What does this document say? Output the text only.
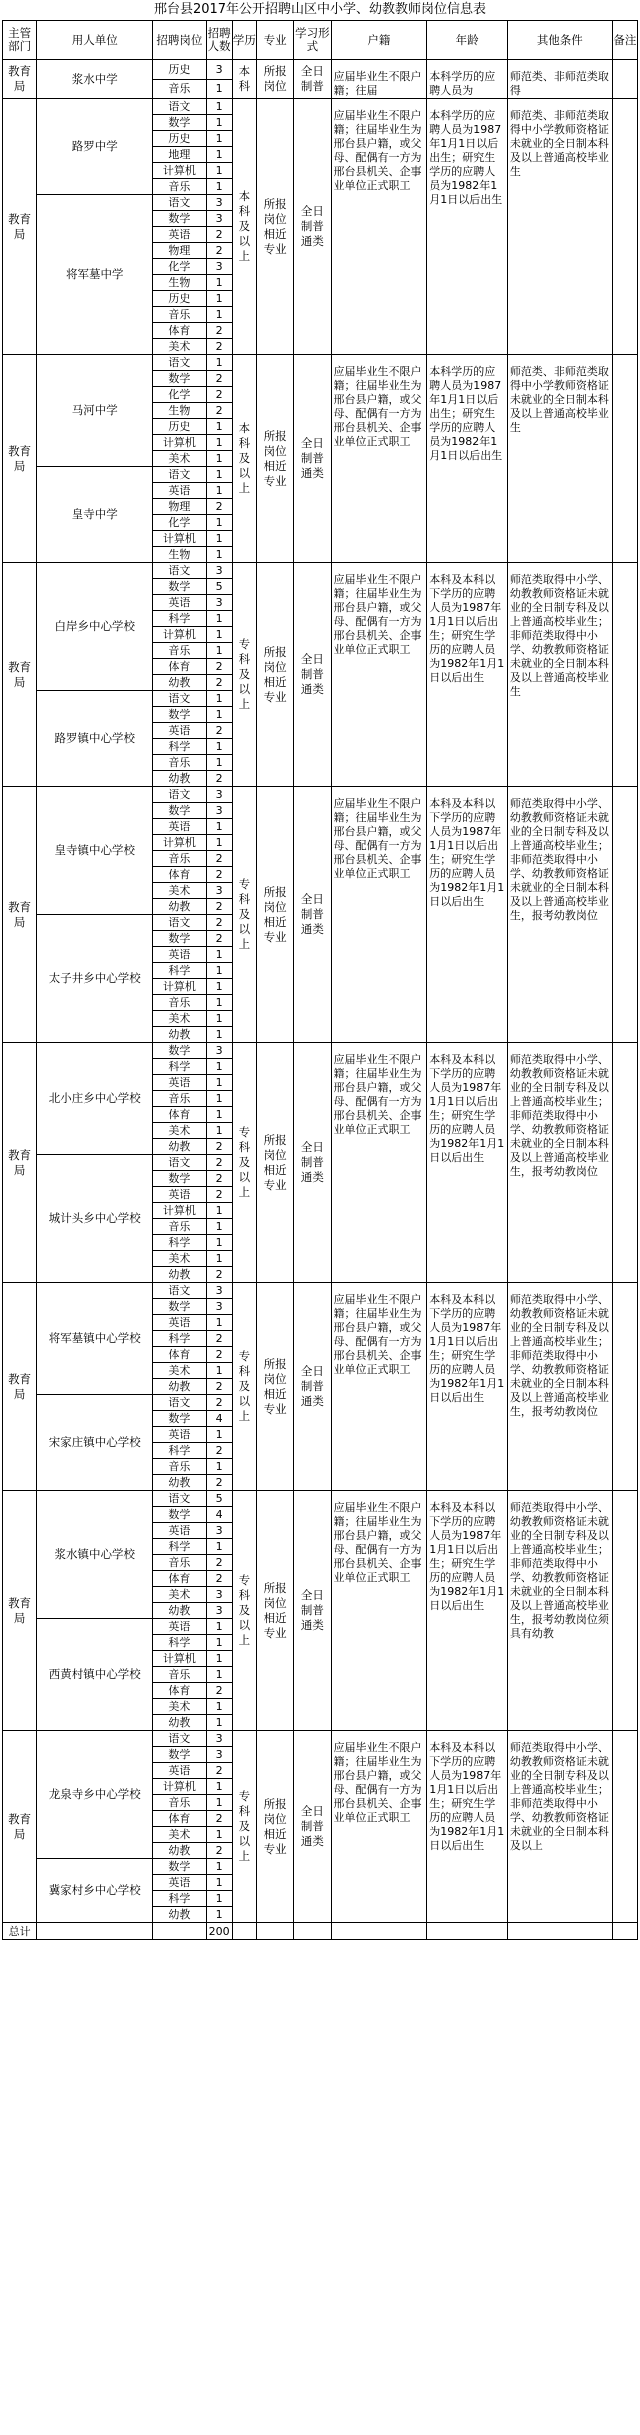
邢台县2017年公开招聘山区中小学、幼教教师岗位信息表
主管部门	用人单位	招聘岗位	招聘人数	学历	专业	学习形式	户籍	年龄	其他条件	备注
教育局	浆水中学	历史	3	本科	所报岗位	全日制普	应届毕业生不限户籍；往届	本科学历的应聘人员为	师范类、非师范类取得	

		音乐	1							
教育局	路罗中学	语文	1	本科及以上	所报岗位相近专业	全日制普通类	应届毕业生不限户籍；往届毕业生为邢台县户籍，或父母、配偶有一方为邢台县机关、企事业单位正式职工	本科学历的应聘人员为1987年1月1日以后出生；研究生学历的应聘人员为1982年1月1日以后出生	师范类、非师范类取得中小学教师资格证未就业的全日制本科及以上普通高校毕业生	

		数学	1							
		历史	1							
		地理	1							
		计算机	1							
		音乐	1							
	将军墓中学	语文	3							
		数学	3							
		英语	2							
		物理	2							
		化学	3							
		生物	1							
		历史	1							
		音乐	1							
		体育	2							
		美术	2							
教育局	马河中学	语文	1	本科及以上	所报岗位相近专业	全日制普通类	应届毕业生不限户籍；往届毕业生为邢台县户籍，或父母、配偶有一方为邢台县机关、企事业单位正式职工	本科学历的应聘人员为1987年1月1日以后出生；研究生学历的应聘人员为1982年1月1日以后出生	师范类、非师范类取得中小学教师资格证未就业的全日制本科及以上普通高校毕业生	

		数学	2							
		化学	2							
		生物	2							
		历史	1							
		计算机	1							
		美术	1							
	皇寺中学	语文	1							
		英语	1							
		物理	2							
		化学	1							
		计算机	1							
		生物	1							
教育局	白岸乡中心学校	语文	3	专科及以上	所报岗位相近专业	全日制普通类	应届毕业生不限户籍；往届毕业生为邢台县户籍，或父母、配偶有一方为邢台县机关、企事业单位正式职工	本科及本科以下学历的应聘人员为1987年1月1日以后出生；研究生学历的应聘人员为1982年1月1日以后出生	师范类取得中小学、幼教教师资格证未就业的全日制专科及以上普通高校毕业生；非师范类取得中小学、幼教教师资格证未就业的全日制本科及以上普通高校毕业生	

		数学	5							
		英语	3							
		科学	1							
		计算机	1							
		音乐	1							
		体育	2							
		幼教	2							
	路罗镇中心学校	语文	1							
		数学	1							
		英语	2							
		科学	1							
		音乐	1							
		幼教	2							
教育局	皇寺镇中心学校	语文	3	专科及以上	所报岗位相近专业	全日制普通类	应届毕业生不限户籍；往届毕业生为邢台县户籍，或父母、配偶有一方为邢台县机关、企事业单位正式职工	本科及本科以下学历的应聘人员为1987年1月1日以后出生；研究生学历的应聘人员为1982年1月1日以后出生	师范类取得中小学、幼教教师资格证未就业的全日制专科及以上普通高校毕业生；非师范类取得中小学、幼教教师资格证未就业的全日制本科及以上普通高校毕业生，报考幼教岗位	

		数学	3							
		英语	1							
		计算机	1							
		音乐	2							
		体育	2							
		美术	3							
		幼教	2							
	太子井乡中心学校	语文	2							
		数学	2							
		英语	1							
		科学	1							
		计算机	1							
		音乐	1							
		美术	1							
		幼教	1							
教育局	北小庄乡中心学校	数学	3	专科及以上	所报岗位相近专业	全日制普通类	应届毕业生不限户籍；往届毕业生为邢台县户籍，或父母、配偶有一方为邢台县机关、企事业单位正式职工	本科及本科以下学历的应聘人员为1987年1月1日以后出生；研究生学历的应聘人员为1982年1月1日以后出生	师范类取得中小学、幼教教师资格证未就业的全日制专科及以上普通高校毕业生；非师范类取得中小学、幼教教师资格证未就业的全日制本科及以上普通高校毕业生，报考幼教岗位	

		科学	1							
		英语	1							
		音乐	1							
		体育	1							
		美术	1							
		幼教	2							
	城计头乡中心学校	语文	2							
		数学	2							
		英语	2							
		计算机	1							
		音乐	1							
		科学	1							
		美术	1							
		幼教	2							
教育局	将军墓镇中心学校	语文	3	专科及以上	所报岗位相近专业	全日制普通类	应届毕业生不限户籍；往届毕业生为邢台县户籍，或父母、配偶有一方为邢台县机关、企事业单位正式职工	本科及本科以下学历的应聘人员为1987年1月1日以后出生；研究生学历的应聘人员为1982年1月1日以后出生	师范类取得中小学、幼教教师资格证未就业的全日制专科及以上普通高校毕业生；非师范类取得中小学、幼教教师资格证未就业的全日制本科及以上普通高校毕业生，报考幼教岗位	

		数学	3							
		英语	1							
		科学	2							
		体育	2							
		美术	1							
		幼教	2							
	宋家庄镇中心学校	语文	2							
		数学	4							
		英语	1							
		科学	2							
		音乐	1							
		幼教	2							
教育局	浆水镇中心学校	语文	5	专科及以上	所报岗位相近专业	全日制普通类	应届毕业生不限户籍；往届毕业生为邢台县户籍，或父母、配偶有一方为邢台县机关、企事业单位正式职工	本科及本科以下学历的应聘人员为1987年1月1日以后出生；研究生学历的应聘人员为1982年1月1日以后出生	师范类取得中小学、幼教教师资格证未就业的全日制专科及以上普通高校毕业生；非师范类取得中小学、幼教教师资格证未就业的全日制本科及以上普通高校毕业生，报考幼教岗位须具有幼教	

		数学	4							
		英语	3							
		科学	1							
		音乐	2							
		体育	2							
		美术	3							
		幼教	3							
	西黄村镇中心学校	英语	1							
		科学	1							
		计算机	1							
		音乐	1							
		体育	2							
		美术	1							
		幼教	1							
教育局	龙泉寺乡中心学校	语文	3	专科及以上	所报岗位相近专业	全日制普通类	应届毕业生不限户籍；往届毕业生为邢台县户籍，或父母、配偶有一方为邢台县机关、企事业单位正式职工	本科及本科以下学历的应聘人员为1987年1月1日以后出生；研究生学历的应聘人员为1982年1月1日以后出生	师范类取得中小学、幼教教师资格证未就业的全日制专科及以上普通高校毕业生；非师范类取得中小学、幼教教师资格证未就业的全日制本科及以上	

		数学	3							
		英语	2							
		计算机	1							
		音乐	1							
		体育	2							
		美术	1							
		幼教	2							
	冀家村乡中心学校	数学	1							
		英语	1							
		科学	1							
		幼教	1							
总计			200							
